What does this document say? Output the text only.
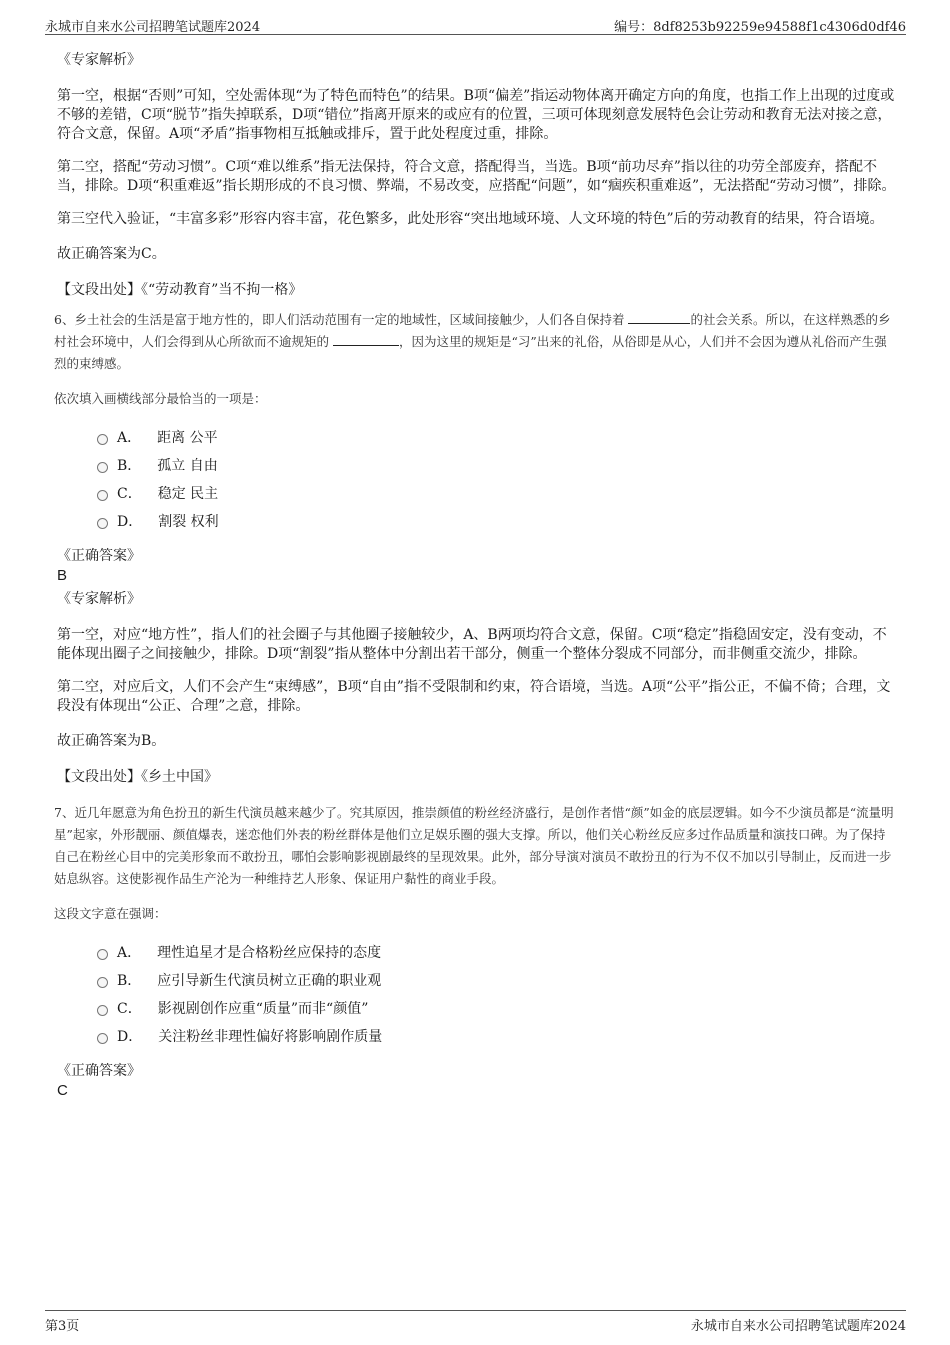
永城市自来水公司招聘笔试题库2024	编号：8df8253b92259e94588f1c4306d0df46
《专家解析》

第一空，根据“否则”可知，空处需体现“为了特色而特色”的结果。B项“偏差”指运动物体离开确定方向的角度，也指工作上出现的过度或不够的差错，C项“脱节”指失掉联系，D项“错位”指离开原来的或应有的位置，三项可体现刻意发展特色会让劳动和教育无法对接之意，符合文意，保留。A项“矛盾”指事物相互抵触或排斥，置于此处程度过重，排除。

第二空，搭配“劳动习惯”。C项“难以维系”指无法保持，符合文意，搭配得当，当选。B项“前功尽弃”指以往的功劳全部废弃，搭配不当，排除。D项“积重难返”指长期形成的不良习惯、弊端，不易改变，应搭配“问题”，如“痼疾积重难返”，无法搭配“劳动习惯”，排除。

第三空代入验证，“丰富多彩”形容内容丰富，花色繁多，此处形容“突出地域环境、人文环境的特色”后的劳动教育的结果，符合语境。

故正确答案为C。

【文段出处】《“劳动教育”当不拘一格》

6、乡土社会的生活是富于地方性的，即人们活动范围有一定的地域性，区域间接触少，人们各自保持着	的社会关系。所以，在这样熟悉的乡村社会环境中，人们会得到从心所欲而不逾规矩的	，因为这里的规矩是“习”出来的礼俗，从俗即是从心，人们并不会因为遵从礼俗而产生强烈的束缚感。

依次填入画横线部分最恰当的一项是：

A． 距离 公平
B． 孤立 自由
C． 稳定 民主
D． 割裂 权利

《正确答案》

B

《专家解析》

第一空，对应“地方性”，指人们的社会圈子与其他圈子接触较少，A、B两项均符合文意，保留。C项“稳定”指稳固安定，没有变动，不能体现出圈子之间接触少，排除。D项“割裂”指从整体中分割出若干部分，侧重一个整体分裂成不同部分，而非侧重交流少，排除。

第二空，对应后文，人们不会产生“束缚感”，B项“自由”指不受限制和约束，符合语境，当选。A项“公平”指公正，不偏不倚；合理，文段没有体现出“公正、合理”之意，排除。

故正确答案为B。

【文段出处】《乡土中国》

7、近几年愿意为角色扮丑的新生代演员越来越少了。究其原因，推崇颜值的粉丝经济盛行，是创作者惜“颜”如金的底层逻辑。如今不少演员都是“流量明星”起家，外形靓丽、颜值爆表，迷恋他们外表的粉丝群体是他们立足娱乐圈的强大支撑。所以，他们关心粉丝反应多过作品质量和演技口碑。为了保持自己在粉丝心目中的完美形象而不敢扮丑，哪怕会影响影视剧最终的呈现效果。此外，部分导演对演员不敢扮丑的行为不仅不加以引导制止，反而进一步姑息纵容。这使影视作品生产沦为一种维持艺人形象、保证用户黏性的商业手段。

这段文字意在强调：

A． 理性追星才是合格粉丝应保持的态度
B． 应引导新生代演员树立正确的职业观
C． 影视剧创作应重“质量”而非“颜值”
D． 关注粉丝非理性偏好将影响剧作质量

《正确答案》

C

第3页	永城市自来水公司招聘笔试题库2024
